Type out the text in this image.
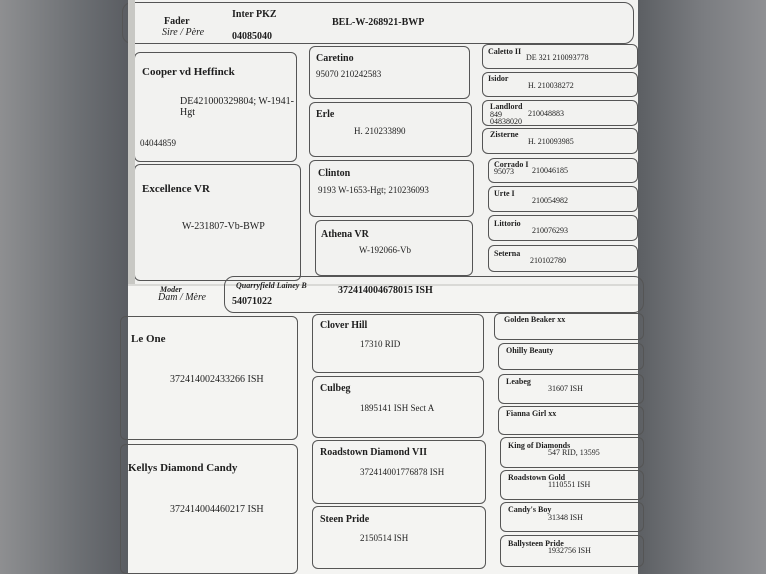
Fader
Sire / Père
Inter PKZ
BEL-W-268921-BWP
04085040
Cooper vd Heffinck
DE421000329804; W-1941-
Hgt
04044859
Excellence VR
W-231807-Vb-BWP
Caretino
95070 210242583
Erle
H. 210233890
Clinton
9193 W-1653-Hgt; 210236093
Athena VR
W-192066-Vb
Caletto II
DE 321 210093778
Isidor
H. 210038272
Landlord
849
04838020
210048883
Zisterne
H. 210093985
Corrado I
95073 210046185
Urte I
210054982
Littorio
210076293
Seterna
210102780
Moder
Dam / Mère
Quarryfield Lainey B	372414004678015 ISH
54071022
Le One
372414002433266 ISH
Kellys Diamond Candy
372414004460217 ISH
Clover Hill
17310 RID
Culbeg
1895141 ISH Sect A
Roadstown Diamond VII
372414001776878 ISH
Steen Pride
2150514 ISH
Golden Beaker xx
Ohilly Beauty
Leabeg
31607 ISH
Fianna Girl xx
King of Diamonds
547 RID, 13595
Roadstown Gold
1110551 ISH
Candy's Boy
31348 ISH
Ballysteen Pride
1932756 ISH
